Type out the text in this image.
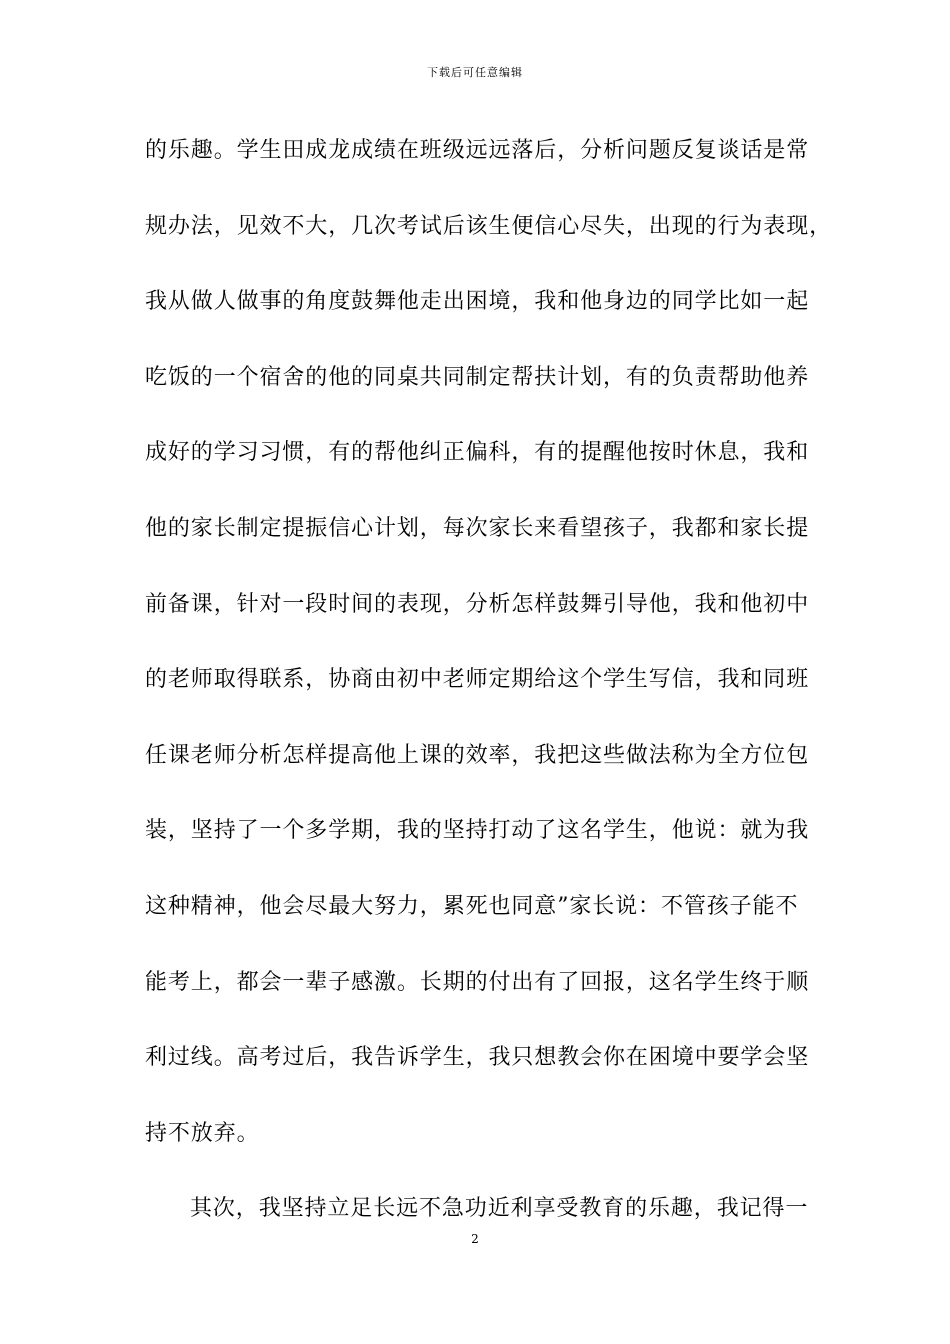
下载后可任意编辑
的乐趣。学生田成龙成绩在班级远远落后，分析问题反复谈话是常
规办法，见效不大，几次考试后该生便信心尽失，出现的行为表现，
我从做人做事的角度鼓舞他走出困境，我和他身边的同学比如一起
吃饭的一个宿舍的他的同桌共同制定帮扶计划，有的负责帮助他养
成好的学习习惯，有的帮他纠正偏科，有的提醒他按时休息，我和
他的家长制定提振信心计划，每次家长来看望孩子，我都和家长提
前备课，针对一段时间的表现，分析怎样鼓舞引导他，我和他初中
的老师取得联系，协商由初中老师定期给这个学生写信，我和同班
任课老师分析怎样提高他上课的效率，我把这些做法称为全方位包
装，坚持了一个多学期，我的坚持打动了这名学生，他说：就为我
这种精神，他会尽最大努力，累死也同意”家长说：不管孩子能不
能考上，都会一辈子感激。长期的付出有了回报，这名学生终于顺
利过线。高考过后，我告诉学生，我只想教会你在困境中要学会坚
持不放弃。
其次，我坚持立足长远不急功近利享受教育的乐趣，我记得一
2
